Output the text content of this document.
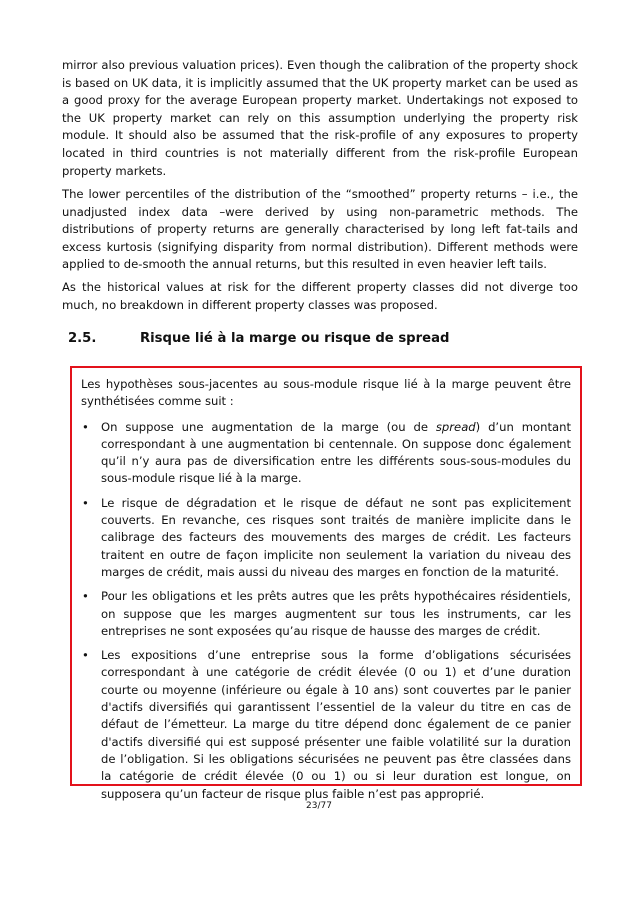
mirror also previous valuation prices). Even though the calibration of the property shock is based on UK data, it is implicitly assumed that the UK property market can be used as a good proxy for the average European property market. Undertakings not exposed to the UK property market can rely on this assumption underlying the property risk module. It should also be assumed that the risk-profile of any exposures to property located in third countries is not materially different from the risk-profile European property markets.

The lower percentiles of the distribution of the “smoothed” property returns – i.e., the unadjusted index data –were derived by using non-parametric methods. The distributions of property returns are generally characterised by long left fat-tails and excess kurtosis (signifying disparity from normal distribution). Different methods were applied to de-smooth the annual returns, but this resulted in even heavier left tails.

As the historical values at risk for the different property classes did not diverge too much, no breakdown in different property classes was proposed.

2.5.	Risque lié à la marge ou risque de spread

Les hypothèses sous-jacentes au sous-module risque lié à la marge peuvent être synthétisées comme suit :

• On suppose une augmentation de la marge (ou de spread) d’un montant correspondant à une augmentation bi centennale. On suppose donc également qu’il n’y aura pas de diversification entre les différents sous-sous-modules du sous-module risque lié à la marge.
• Le risque de dégradation et le risque de défaut ne sont pas explicitement couverts. En revanche, ces risques sont traités de manière implicite dans le calibrage des facteurs des mouvements des marges de crédit. Les facteurs traitent en outre de façon implicite non seulement la variation du niveau des marges de crédit, mais aussi du niveau des marges en fonction de la maturité.
• Pour les obligations et les prêts autres que les prêts hypothécaires résidentiels, on suppose que les marges augmentent sur tous les instruments, car les entreprises ne sont exposées qu’au risque de hausse des marges de crédit.
• Les expositions d’une entreprise sous la forme d’obligations sécurisées correspondant à une catégorie de crédit élevée (0 ou 1) et d’une duration courte ou moyenne (inférieure ou égale à 10 ans) sont couvertes par le panier d'actifs diversifiés qui garantissent l’essentiel de la valeur du titre en cas de défaut de l’émetteur. La marge du titre dépend donc également de ce panier d'actifs diversifié qui est supposé présenter une faible volatilité sur la duration de l’obligation. Si les obligations sécurisées ne peuvent pas être classées dans la catégorie de crédit élevée (0 ou 1) ou si leur duration est longue, on supposera qu’un facteur de risque plus faible n’est pas approprié.
23/77
